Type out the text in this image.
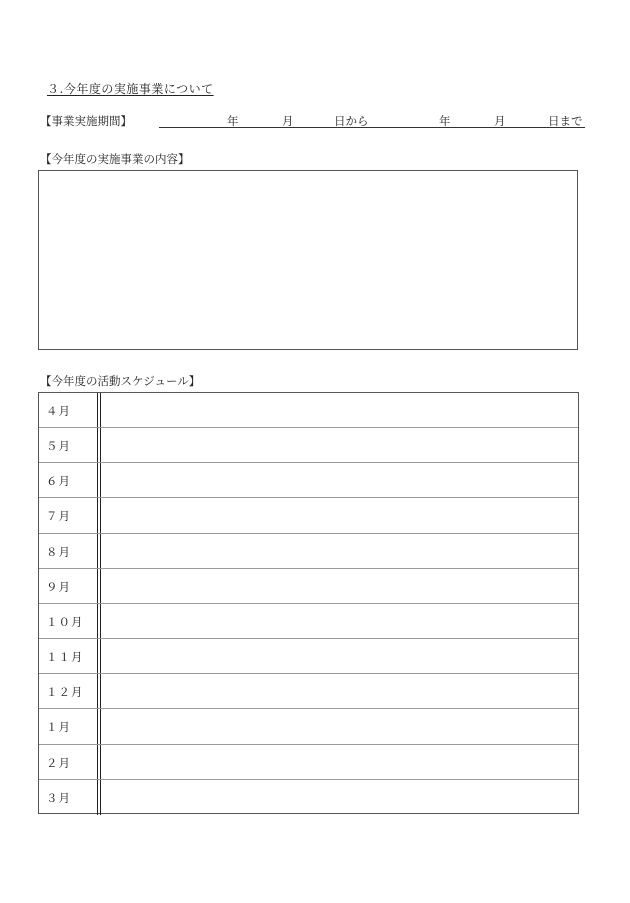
３.今年度の実施事業について
【事業実施期間】	年	月	日から	年	月	日まで
【今年度の実施事業の内容】
【今年度の活動スケジュール】
４月
５月
６月
７月
８月
９月
１０月
１１月
１２月
１月
２月
３月
